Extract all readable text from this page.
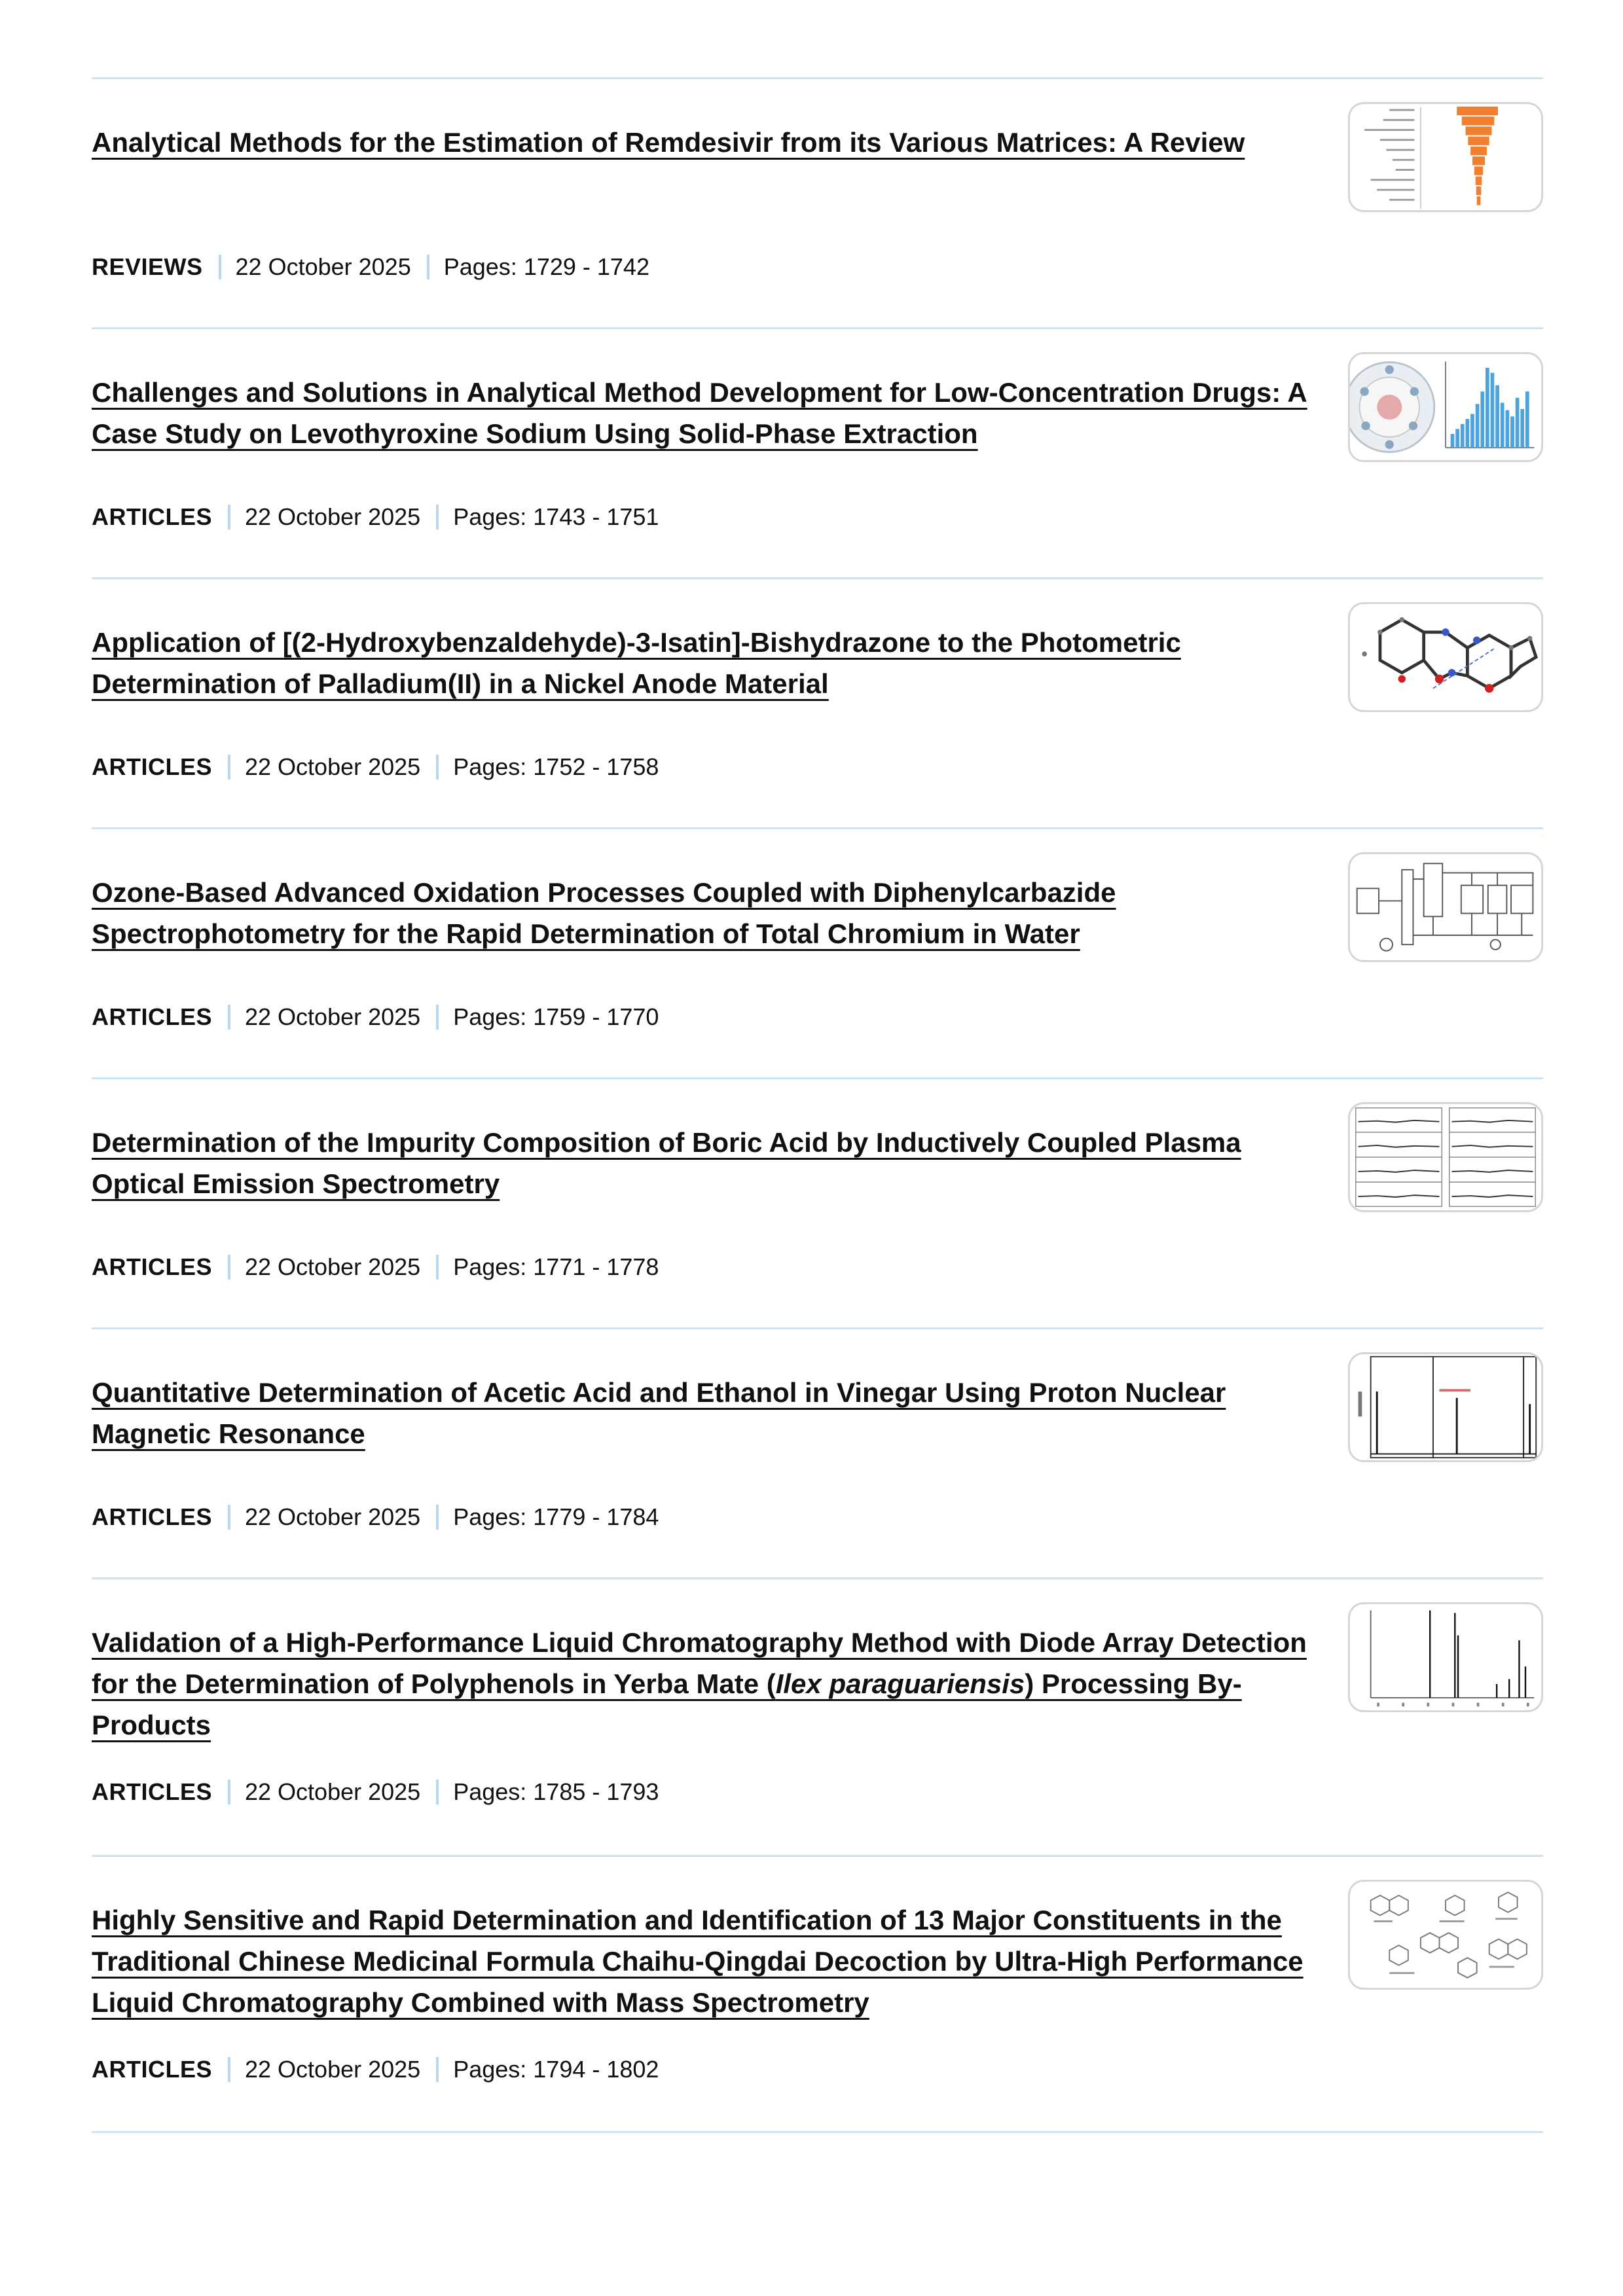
Analytical Methods for the Estimation of Remdesivir from its Various Matrices: A Review
REVIEWS 22 October 2025 Pages: 1729 - 1742
Challenges and Solutions in Analytical Method Development for Low-Concentration Drugs: A Case Study on Levothyroxine Sodium Using Solid-Phase Extraction
ARTICLES 22 October 2025 Pages: 1743 - 1751
Application of [(2-Hydroxybenzaldehyde)-3-Isatin]-Bishydrazone to the Photometric Determination of Palladium(II) in a Nickel Anode Material
ARTICLES 22 October 2025 Pages: 1752 - 1758
Ozone-Based Advanced Oxidation Processes Coupled with Diphenylcarbazide Spectrophotometry for the Rapid Determination of Total Chromium in Water
ARTICLES 22 October 2025 Pages: 1759 - 1770
Determination of the Impurity Composition of Boric Acid by Inductively Coupled Plasma Optical Emission Spectrometry
ARTICLES 22 October 2025 Pages: 1771 - 1778
Quantitative Determination of Acetic Acid and Ethanol in Vinegar Using Proton Nuclear Magnetic Resonance
ARTICLES 22 October 2025 Pages: 1779 - 1784
Validation of a High-Performance Liquid Chromatography Method with Diode Array Detection for the Determination of Polyphenols in Yerba Mate (Ilex paraguariensis) Processing By-Products
ARTICLES 22 October 2025 Pages: 1785 - 1793
Highly Sensitive and Rapid Determination and Identification of 13 Major Constituents in the Traditional Chinese Medicinal Formula Chaihu-Qingdai Decoction by Ultra-High Performance Liquid Chromatography Combined with Mass Spectrometry
ARTICLES 22 October 2025 Pages: 1794 - 1802
